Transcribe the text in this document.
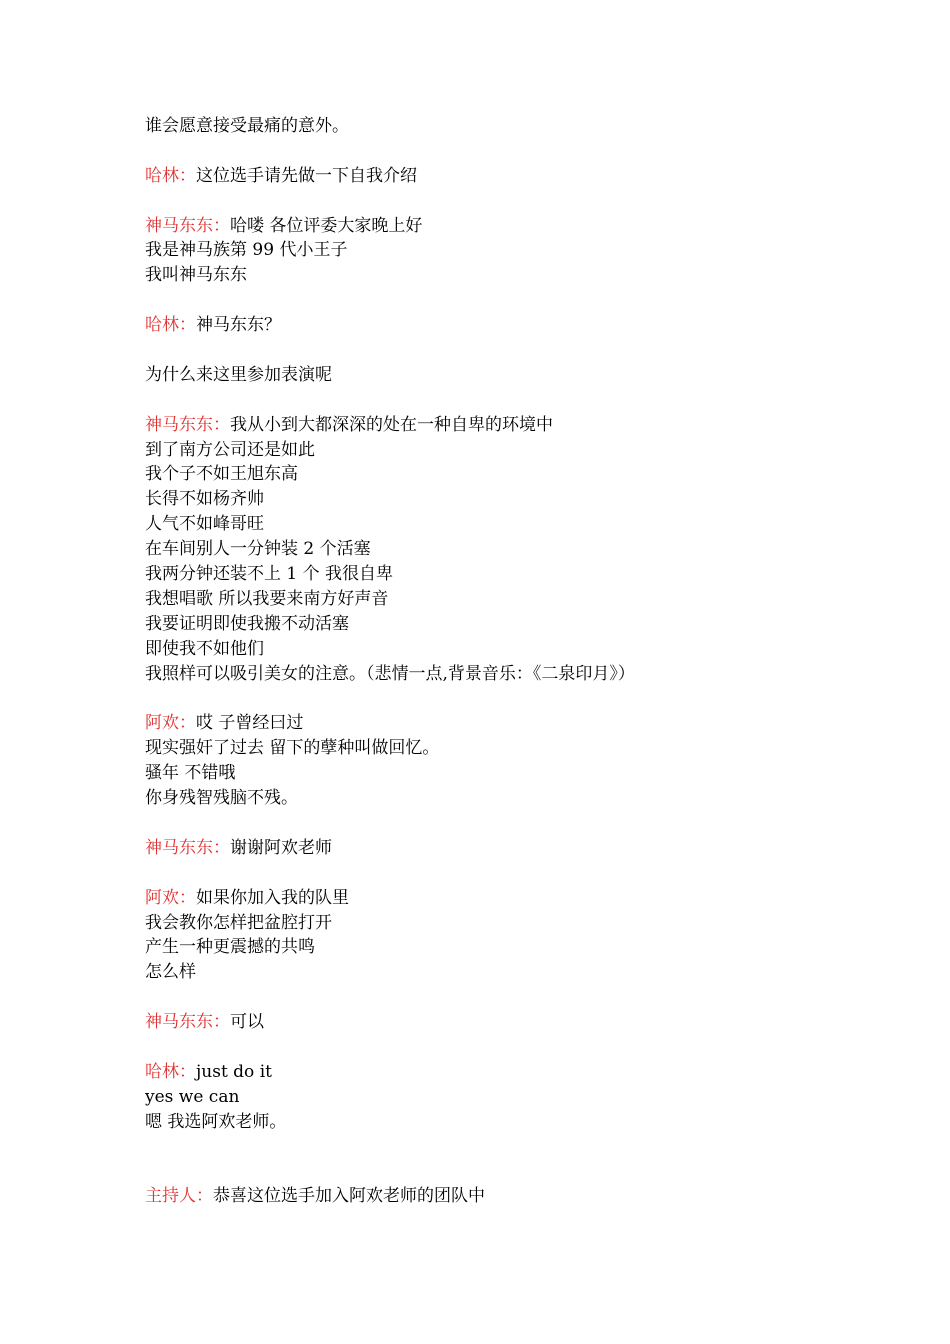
谁会愿意接受最痛的意外。
哈林：这位选手请先做一下自我介绍
神马东东：哈喽 各位评委大家晚上好
我是神马族第 99 代小王子
我叫神马东东
哈林：神马东东？
为什么来这里参加表演呢
神马东东：我从小到大都深深的处在一种自卑的环境中
到了南方公司还是如此
我个子不如王旭东高
长得不如杨齐帅
人气不如峰哥旺
在车间别人一分钟装 2 个活塞
我两分钟还装不上 1 个 我很自卑
我想唱歌 所以我要来南方好声音
我要证明即使我搬不动活塞
即使我不如他们
我照样可以吸引美女的注意。（悲情一点,背景音乐：《二泉印月》）
阿欢：哎 子曾经曰过
现实强奸了过去 留下的孽种叫做回忆。
骚年 不错哦
你身残智残脑不残。
神马东东：谢谢阿欢老师
阿欢：如果你加入我的队里
我会教你怎样把盆腔打开
产生一种更震撼的共鸣
怎么样
神马东东：可以
哈林：just do it
yes we can
嗯 我选阿欢老师。
主持人：恭喜这位选手加入阿欢老师的团队中
